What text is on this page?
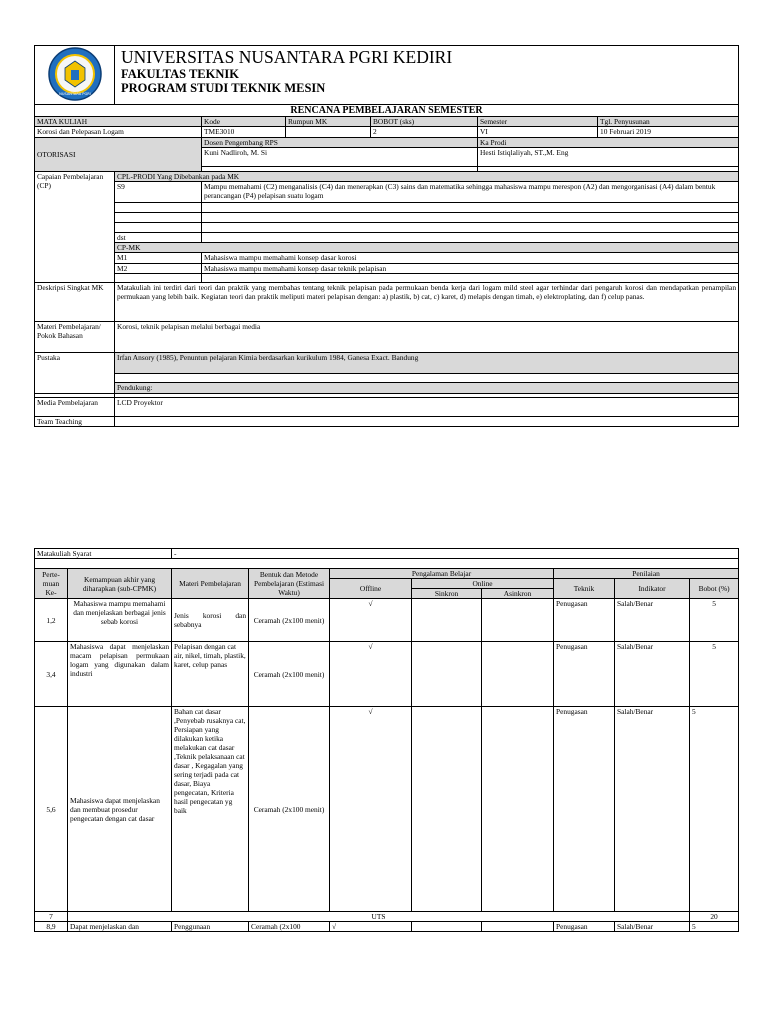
NUSANTARA PGRI	UNIVERSITAS NUSANTARA PGRI KEDIRI
FAKULTAS TEKNIK
PROGRAM STUDI TEKNIK MESIN					

RENCANA PEMBELAJARAN SEMESTER						
MATA KULIAH		Kode	Rumpun MK	BOBOT (sks)	Semester	Tgl. Penyusunan
Korosi dan Pelepasan Logam		TME3010		2	VI	10 Februari 2019
OTORISASI		Dosen Pengembang RPS			Ka Prodi	
		Kuni Nadliroh, M. Si			Hesti Istiqlaliyah, ST.,M. Eng	

Capaian Pembelajaran (CP)	CPL-PRODI Yang Dibebankan pada MK					
	S9	Mampu memahami (C2) menganalisis (C4) dan menerapkan (C3) sains dan matematika sehingga mahasiswa mampu merespon (A2) dan mengorganisasi (A4) dalam bentuk perancangan (P4) pelapisan suatu logam				

	dst					
	CP-MK					
	M1	Mahasiswa mampu memahami konsep dasar korosi				
	M2	Mahasiswa mampu memahami konsep dasar teknik pelapisan				

Deskripsi Singkat MK	Matakuliah ini terdiri dari teori dan praktik yang membahas tentang teknik pelapisan pada permukaan benda kerja dari logam mild steel agar terhindar dari pengaruh korosi dan mendapatkan penampilan permukaan yang lebih baik. Kegiatan teori dan praktik meliputi materi pelapisan dengan: a) plastik, b) cat, c) karet, d) melapis dengan timah, e) elektroplating, dan f) celup panas.					
Materi Pembelajaran/ Pokok Bahasan	Korosi, teknik pelapisan melalui berbagai media					
Pustaka	Irfan Ansory (1985), Penuntun pelajaran Kimia berdasarkan kurikulum 1984, Ganesa Exact. Bandung					

	Pendukung:					

Media Pembelajaran	LCD Proyektor					
Team Teaching						
Matakuliah Syarat		-							

Perte-muan Ke-	Kemampuan akhir yang diharapkan (sub-CPMK)	Materi Pembelajaran	Bentuk dan Metode Pembelajaran (Estimasi Waktu)	Pengalaman Belajar			Penilaian		
				Offline	Online		Teknik	Indikator	Bobot (%)
					Sinkron	Asinkron			
1,2	Mahasiswa mampu memahami dan menjelaskan berbagai jenis sebab korosi	Jenis korosi dan sebabnya	Ceramah (2x100 menit)	√			Penugasan	Salah/Benar	5
3,4	Mahasiswa dapat menjelaskan macam pelapisan permukaan logam yang digunakan dalam industri	Pelapisan dengan cat air, nikel, timah, plastik, karet, celup panas	Ceramah (2x100 menit)	√			Penugasan	Salah/Benar	5
5,6	Mahasiswa dapat menjelaskan dan membuat prosedur pengecatan dengan cat dasar	Bahan cat dasar ,Penyebab rusaknya cat, Persiapan yang dilakukan ketika melakukan cat dasar ,Teknik pelaksanaan cat dasar , Kegagalan yang sering terjadi pada cat dasar, Biaya pengecatan, Kriteria hasil pengecatan yg baik	Ceramah (2x100 menit)	√			Penugasan	Salah/Benar	5
7	UTS								20
8,9	Dapat menjelaskan dan	Penggunaan	Ceramah (2x100	√			Penugasan	Salah/Benar	5
